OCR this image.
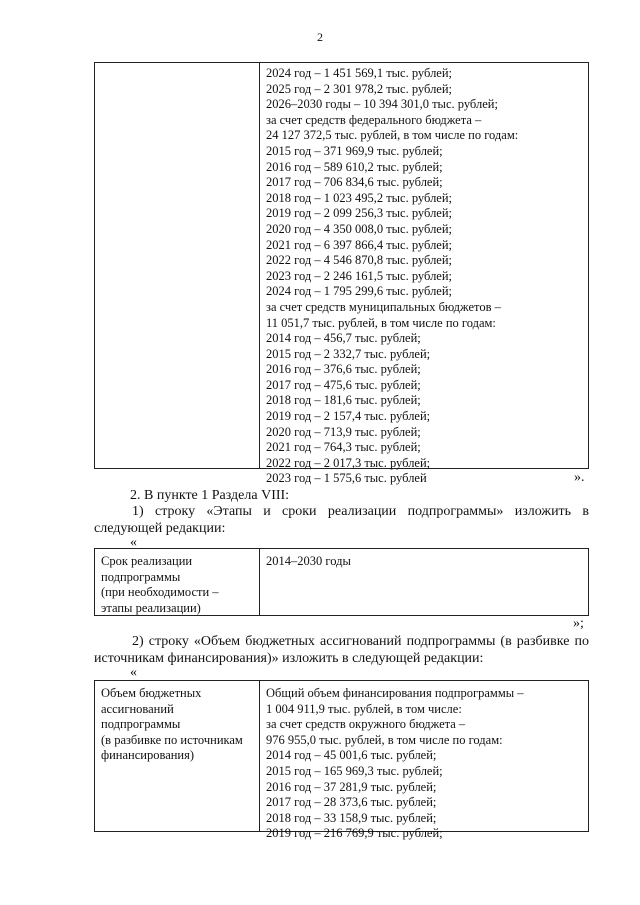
2
2024 год – 1 451 569,1 тыс. рублей;
2025 год – 2 301 978,2 тыс. рублей;
2026–2030 годы – 10 394 301,0 тыс. рублей;
за счет средств федерального бюджета –
24 127 372,5 тыс. рублей, в том числе по годам:
2015 год – 371 969,9 тыс. рублей;
2016 год – 589 610,2 тыс. рублей;
2017 год – 706 834,6 тыс. рублей;
2018 год – 1 023 495,2 тыс. рублей;
2019 год – 2 099 256,3 тыс. рублей;
2020 год – 4 350 008,0 тыс. рублей;
2021 год – 6 397 866,4 тыс. рублей;
2022 год – 4 546 870,8 тыс. рублей;
2023 год – 2 246 161,5 тыс. рублей;
2024 год – 1 795 299,6 тыс. рублей;
за счет средств муниципальных бюджетов –
11 051,7 тыс. рублей, в том числе по годам:
2014 год – 456,7 тыс. рублей;
2015 год – 2 332,7 тыс. рублей;
2016 год – 376,6 тыс. рублей;
2017 год – 475,6 тыс. рублей;
2018 год – 181,6 тыс. рублей;
2019 год – 2 157,4 тыс. рублей;
2020 год – 713,9 тыс. рублей;
2021 год – 764,3 тыс. рублей;
2022 год – 2 017,3 тыс. рублей;
2023 год – 1 575,6 тыс. рублей	».
2. В пункте 1 Раздела VIII:
1) строку «Этапы и сроки реализации подпрограммы» изложить в следующей редакции:
«
Срок реализации
подпрограммы
(при необходимости –
этапы реализации)
2014–2030 годы
»;
2) строку «Объем бюджетных ассигнований подпрограммы (в разбивке по источникам финансирования)» изложить в следующей редакции:
«
Объем бюджетных
ассигнований
подпрограммы
(в разбивке по источникам
финансирования)
Общий объем финансирования подпрограммы –
1 004 911,9 тыс. рублей, в том числе:
за счет средств окружного бюджета –
976 955,0 тыс. рублей, в том числе по годам:
2014 год – 45 001,6 тыс. рублей;
2015 год – 165 969,3 тыс. рублей;
2016 год – 37 281,9 тыс. рублей;
2017 год – 28 373,6 тыс. рублей;
2018 год – 33 158,9 тыс. рублей;
2019 год – 216 769,9 тыс. рублей;
